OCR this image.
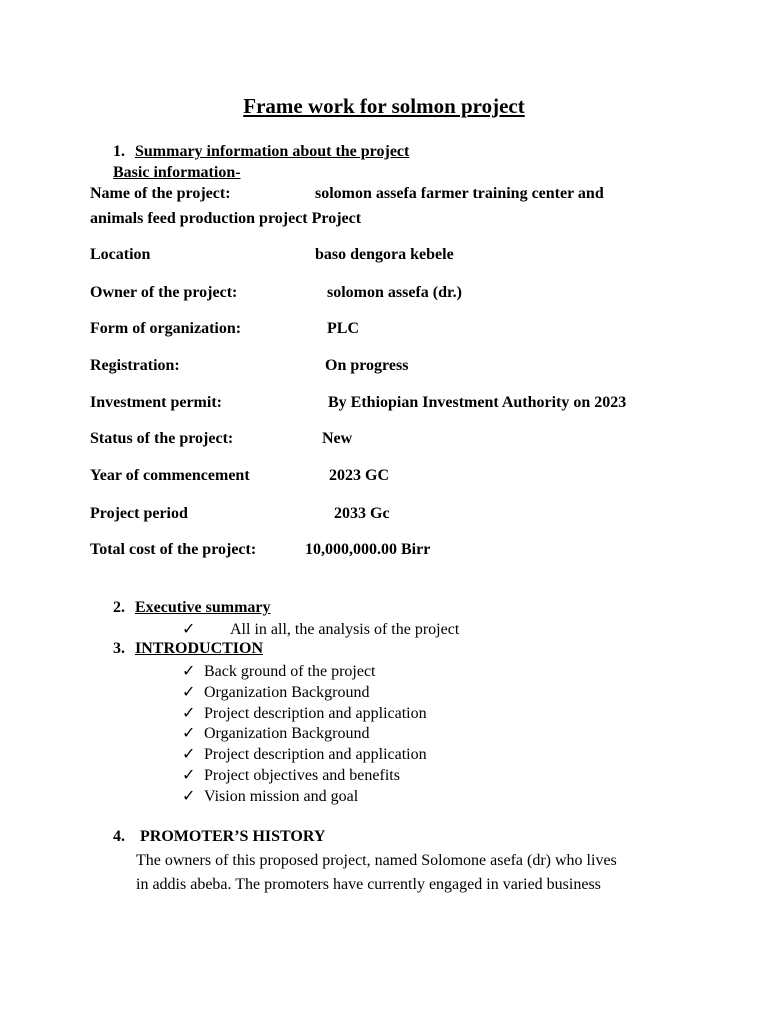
Frame work for solmon project
1. Summary information about the project
Basic information-
Name of the project:	solomon assefa farmer training center and
animals feed production project Project
Location	baso dengora kebele
Owner of the project:	solomon assefa (dr.)
Form of organization:	PLC
Registration:	On progress
Investment permit:	By Ethiopian Investment Authority on 2023
Status of the project:	New
Year of commencement	2023 GC
Project period	2033 Gc
Total cost of the project:	10,000,000.00 Birr
2. Executive summary
✓ All in all, the analysis of the project
3. INTRODUCTION
✓ Back ground of the project
✓ Organization Background
✓ Project description and application
✓ Organization Background
✓ Project description and application
✓ Project objectives and benefits
✓ Vision mission and goal
4. PROMOTER’S HISTORY
The owners of this proposed project, named Solomone asefa (dr) who lives
in addis abeba. The promoters have currently engaged in varied business
